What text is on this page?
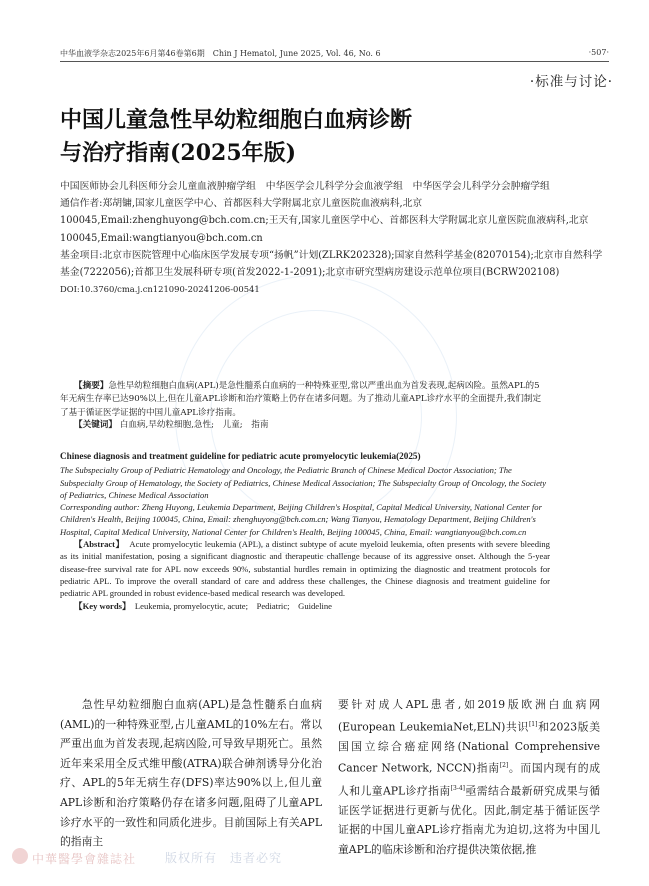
中华血液学杂志2025年6月第46卷第6期　Chin J Hematol, June 2025, Vol. 46, No. 6	·507·
·标准与讨论·
中国儿童急性早幼粒细胞白血病诊断
与治疗指南(2025年版)

中国医师协会儿科医师分会儿童血液肿瘤学组　中华医学会儿科学分会血液学组　中华医学会儿科学分会肿瘤学组

通信作者:郑胡镛,国家儿童医学中心、首都医科大学附属北京儿童医院血液病科,北京 100045,Email:zhenghuyong@bch.com.cn;王天有,国家儿童医学中心、首都医科大学附属北京儿童医院血液病科,北京　100045,Email:wangtianyou@bch.com.cn

基金项目:北京市医院管理中心临床医学发展专项“扬帆”计划(ZLRK202328);国家自然科学基金(82070154);北京市自然科学基金(7222056);首都卫生发展科研专项(首发2022-1-2091);北京市研究型病房建设示范单位项目(BCRW202108)

DOI:10.3760/cma.j.cn121090-20241206-00541

【摘要】急性早幼粒细胞白血病(APL)是急性髓系白血病的一种特殊亚型,常以严重出血为首发表现,起病凶险。虽然APL的5年无病生存率已达90%以上,但在儿童APL诊断和治疗策略上仍存在诸多问题。为了推动儿童APL诊疗水平的全面提升,我们制定了基于循证医学证据的中国儿童APL诊疗指南。

【关键词】 白血病,早幼粒细胞,急性;　儿童;　指南

Chinese diagnosis and treatment guideline for pediatric acute promyelocytic leukemia(2025)

The Subspecialty Group of Pediatric Hematology and Oncology, the Pediatric Branch of Chinese Medical Doctor Association; The Subspecialty Group of Hematology, the Society of Pediatrics, Chinese Medical Association; The Subspecialty Group of Oncology, the Society of Pediatrics, Chinese Medical Association

Corresponding author: Zheng Huyong, Leukemia Department, Beijing Children's Hospital, Capital Medical University, National Center for Children's Health, Beijing 100045, China, Email: zhenghuyong@bch.com.cn; Wang Tianyou, Hematology Department, Beijing Children's Hospital, Capital Medical University, National Center for Children's Health, Beijing 100045, China, Email: wangtianyou@bch.com.cn

【Abstract】　 Acute promyelocytic leukemia (APL), a distinct subtype of acute myeloid leukemia, often presents with severe bleeding as its initial manifestation, posing a significant diagnostic and therapeutic challenge because of its aggressive onset. Although the 5-year disease-free survival rate for APL now exceeds 90%, substantial hurdles remain in optimizing the diagnostic and treatment protocols for pediatric APL. To improve the overall standard of care and address these challenges, the Chinese diagnosis and treatment guideline for pediatric APL grounded in robust evidence-based medical research was developed.

【Key words】　 Leukemia, promyelocytic, acute;　Pediatric;　Guideline

急性早幼粒细胞白血病(APL)是急性髓系白血病(AML)的一种特殊亚型,占儿童AML的10%左右。常以严重出血为首发表现,起病凶险,可导致早期死亡。虽然近年来采用全反式维甲酸(ATRA)联合砷剂诱导分化治疗、APL的5年无病生存(DFS)率达90%以上,但儿童APL诊断和治疗策略仍存在诸多问题,阻碍了儿童APL诊疗水平的一致性和同质化进步。目前国际上有关APL的指南主

要针对成人APL患者,如2019版欧洲白血病网(European LeukemiaNet,ELN)共识[1]和2023版美国国立综合癌症网络(National Comprehensive Cancer Network, NCCN)指南[2]。而国内现有的成人和儿童APL诊疗指南[3-4]亟需结合最新研究成果与循证医学证据进行更新与优化。因此,制定基于循证医学证据的中国儿童APL诊疗指南尤为迫切,这将为中国儿童APL的临床诊断和治疗提供决策依据,推

中華醫學會雜誌社 版权所有　违者必究
